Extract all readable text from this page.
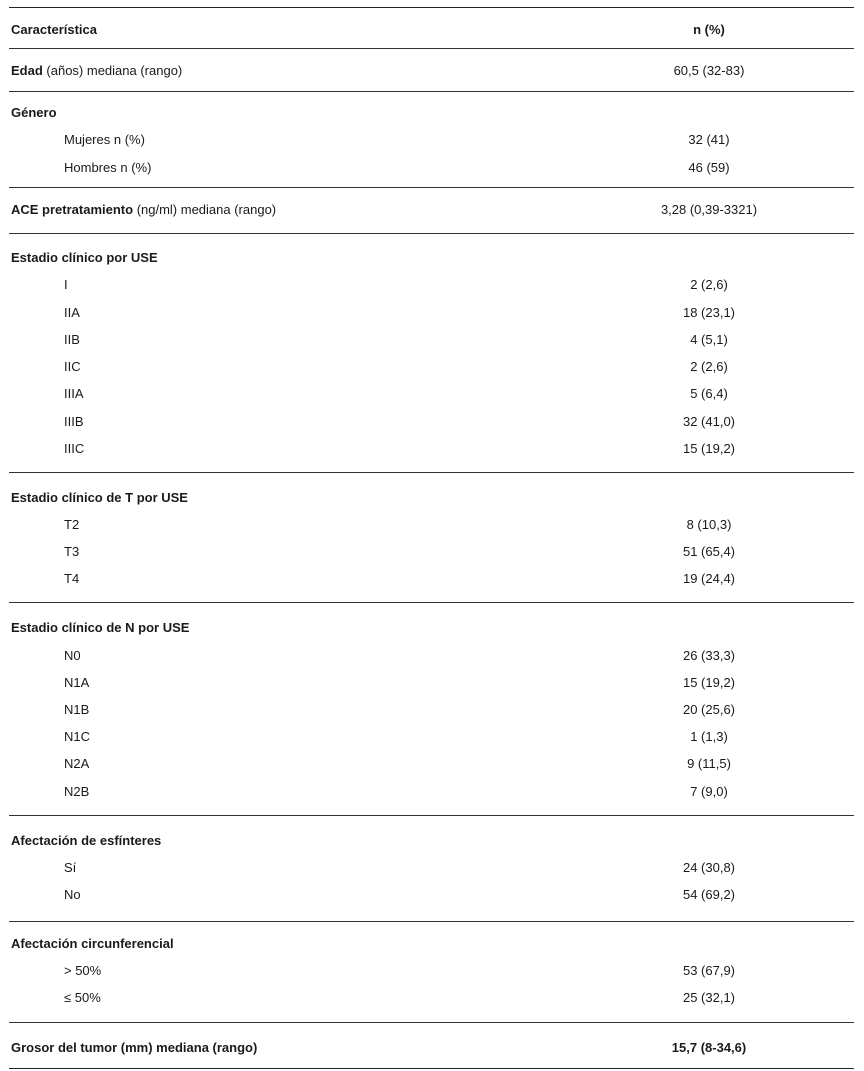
Característica	n (%)
Edad (años) mediana (rango)	60,5 (32-83)
Género
Mujeres n (%)	32 (41)
Hombres n (%)	46 (59)
ACE pretratamiento (ng/ml) mediana (rango)	3,28 (0,39-3321)
Estadio clínico por USE
I	2 (2,6)
IIA	18 (23,1)
IIB	4 (5,1)
IIC	2 (2,6)
IIIA	5 (6,4)
IIIB	32 (41,0)
IIIC	15 (19,2)
Estadio clínico de T por USE
T2	8 (10,3)
T3	51 (65,4)
T4	19 (24,4)
Estadio clínico de N por USE
N0	26 (33,3)
N1A	15 (19,2)
N1B	20 (25,6)
N1C	1 (1,3)
N2A	9 (11,5)
N2B	7 (9,0)
Afectación de esfínteres
Sí	24 (30,8)
No	54 (69,2)
Afectación circunferencial
> 50%	53 (67,9)
≤ 50%	25 (32,1)
Grosor del tumor (mm) mediana (rango)	15,7 (8-34,6)
